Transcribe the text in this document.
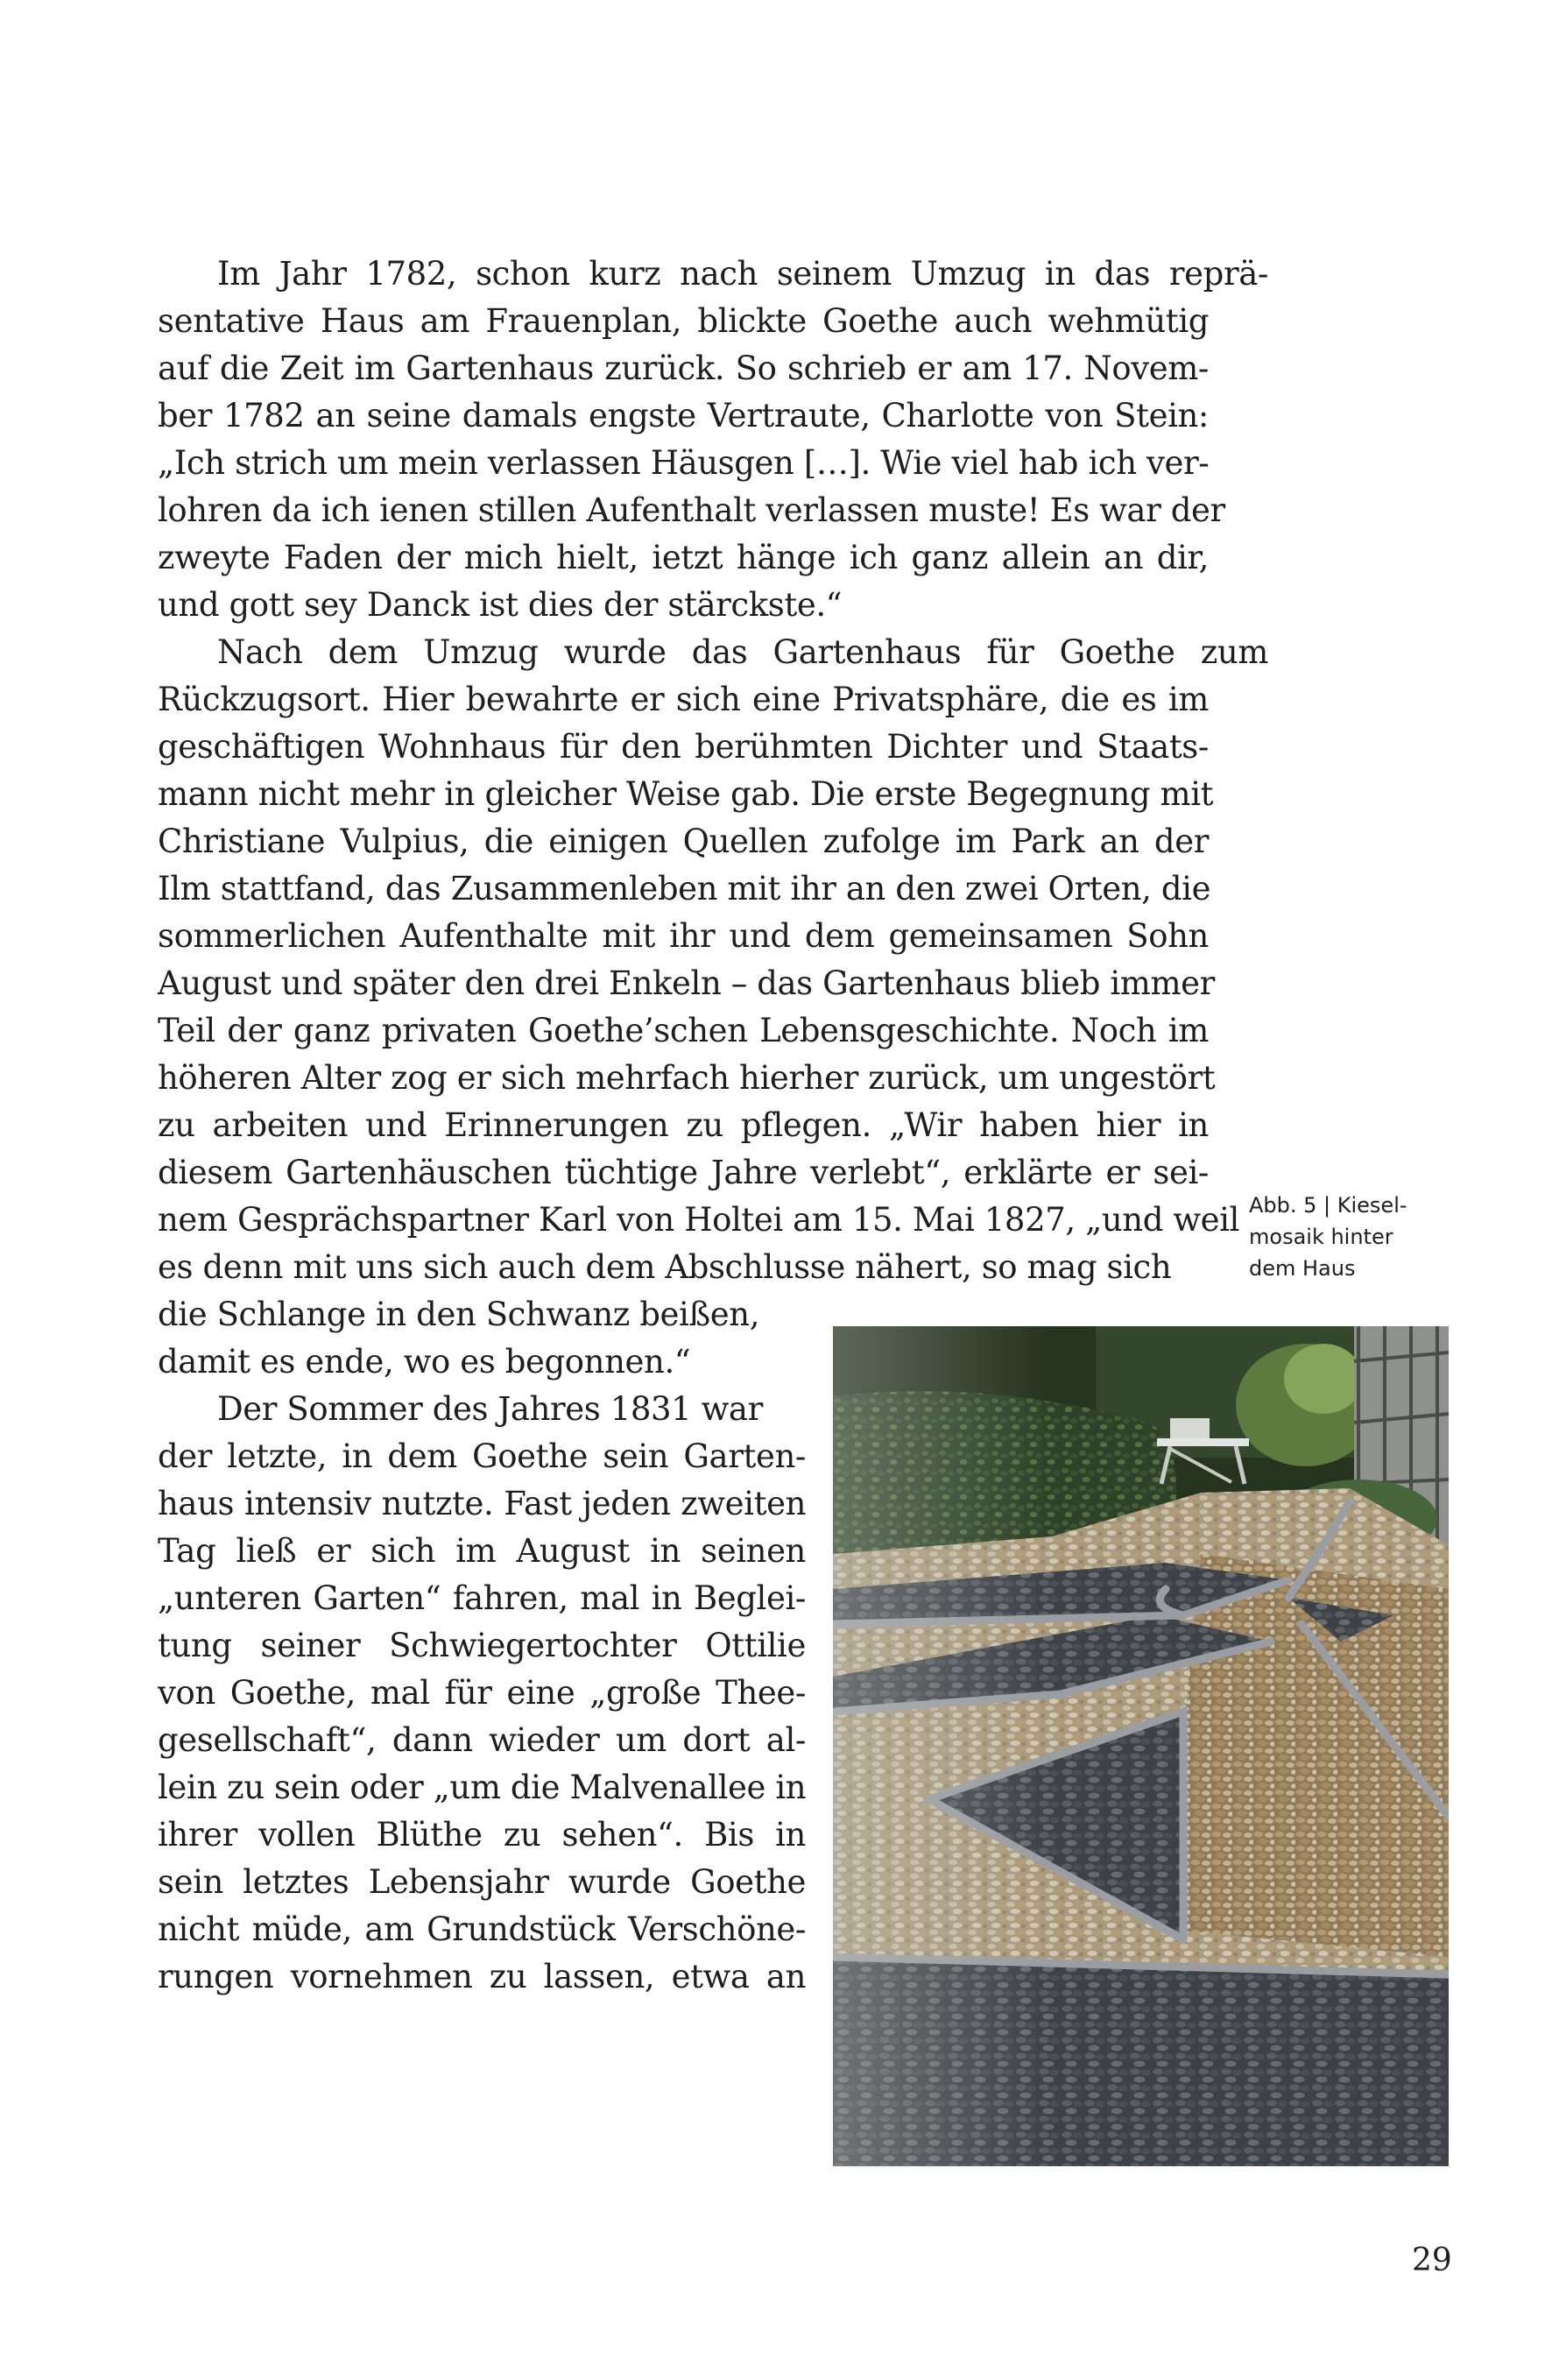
Im Jahr 1782, schon kurz nach seinem Umzug in das reprä-
sentative Haus am Frauenplan, blickte Goethe auch wehmütig
auf die Zeit im Gartenhaus zurück. So schrieb er am 17. Novem-
ber 1782 an seine damals engste Vertraute, Charlotte von Stein:
„Ich strich um mein verlassen Häusgen […]. Wie viel hab ich ver-
lohren da ich ienen stillen Aufenthalt verlassen muste! Es war der
zweyte Faden der mich hielt, ietzt hänge ich ganz allein an dir,
und gott sey Danck ist dies der stärckste.“
Nach dem Umzug wurde das Gartenhaus für Goethe zum
Rückzugsort. Hier bewahrte er sich eine Privatsphäre, die es im
geschäftigen Wohnhaus für den berühmten Dichter und Staats-
mann nicht mehr in gleicher Weise gab. Die erste Begegnung mit
Christiane Vulpius, die einigen Quellen zufolge im Park an der
Ilm stattfand, das Zusammenleben mit ihr an den zwei Orten, die
sommerlichen Aufenthalte mit ihr und dem gemeinsamen Sohn
August und später den drei Enkeln – das Gartenhaus blieb immer
Teil der ganz privaten Goethe’schen Lebensgeschichte. Noch im
höheren Alter zog er sich mehrfach hierher zurück, um ungestört
zu arbeiten und Erinnerungen zu pflegen. „Wir haben hier in
diesem Gartenhäuschen tüchtige Jahre verlebt“, erklärte er sei-
nem Gesprächspartner Karl von Holtei am 15. Mai 1827, „und weil
es denn mit uns sich auch dem Abschlusse nähert, so mag sich
die Schlange in den Schwanz beißen,
damit es ende, wo es begonnen.“
Der Sommer des Jahres 1831 war
der letzte, in dem Goethe sein Garten-
haus intensiv nutzte. Fast jeden zweiten
Tag ließ er sich im August in seinen
„unteren Garten“ fahren, mal in Beglei-
tung seiner Schwiegertochter Ottilie
von Goethe, mal für eine „große Thee-
gesellschaft“, dann wieder um dort al-
lein zu sein oder „um die Malvenallee in
ihrer vollen Blüthe zu sehen“. Bis in
sein letztes Lebensjahr wurde Goethe
nicht müde, am Grundstück Verschöne-
rungen vornehmen zu lassen, etwa an
Abb. 5 | Kiesel-
mosaik hinter
dem Haus
29
